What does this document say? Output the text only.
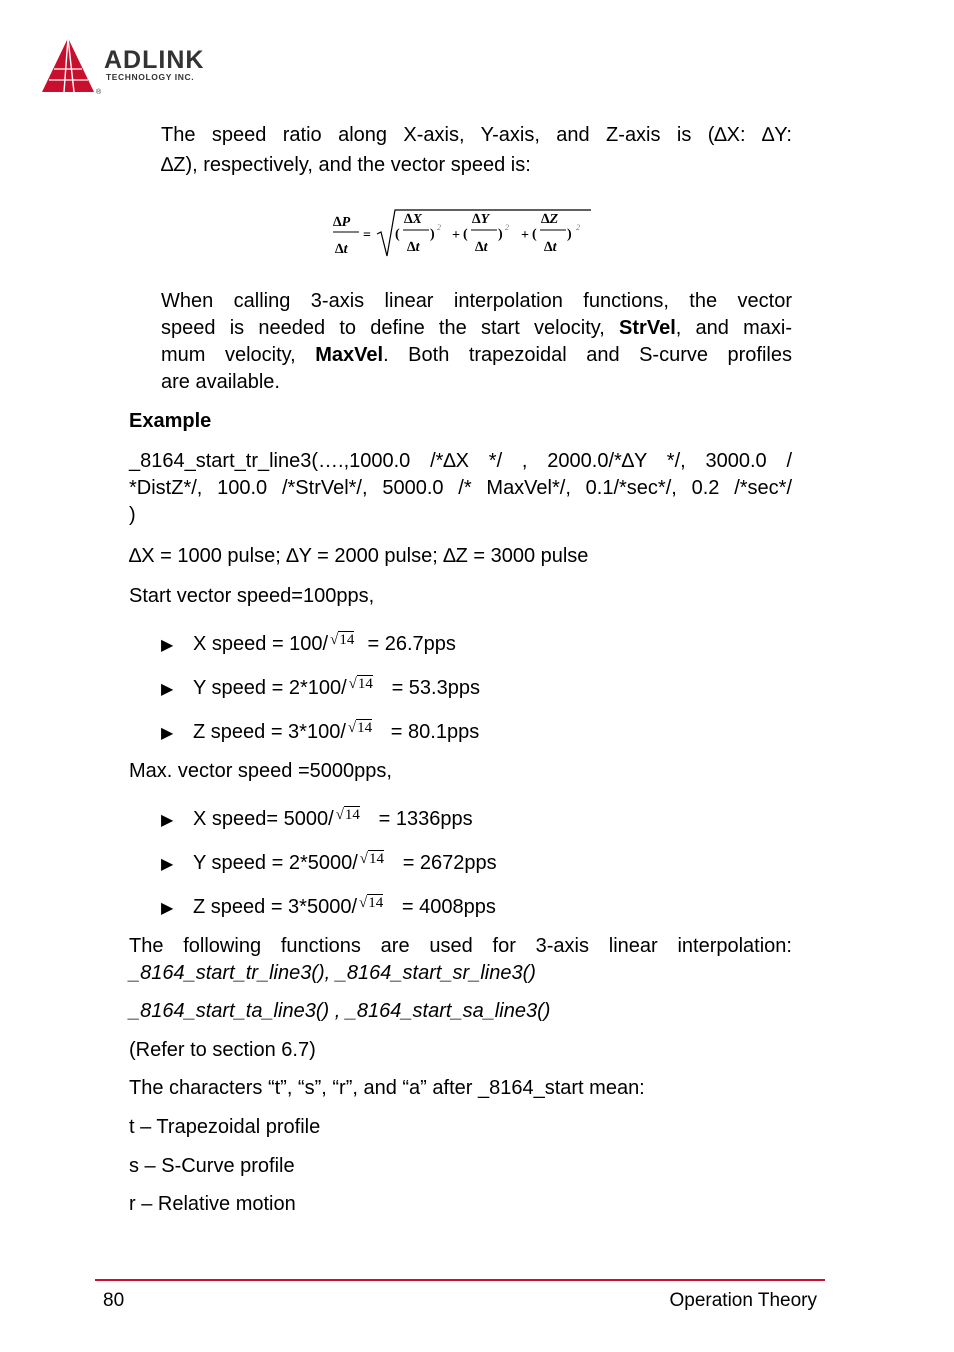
ADLINK
TECHNOLOGY INC.
®

The speed ratio along X-axis, Y-axis, and Z-axis is (∆X: ∆Y:

∆Z), respectively, and the vector speed is:

∆P
∆t
= (
∆X
∆t
) 2
+ (
∆Y
∆t
) 2
+ (
∆Z
∆t
) 2

When calling 3-axis linear interpolation functions, the vector

speed is needed to define the start velocity, StrVel, and maxi-

mum velocity, MaxVel. Both trapezoidal and S-curve profiles

are available.

Example

_8164_start_tr_line3(….,1000.0 /*∆X */ , 2000.0/*∆Y */, 3000.0 /

*DistZ*/, 100.0 /*StrVel*/, 5000.0 /* MaxVel*/, 0.1/*sec*/, 0.2 /*sec*/

)

∆X = 1000 pulse; ∆Y = 2000 pulse; ∆Z = 3000 pulse
Start vector speed=100pps,
▶ X speed = 100/ $^{√14}$ = 26.7pps
▶ Y speed = 2*100/ $^{√14}$ = 53.3pps
▶ Z speed = 3*100/ $^{√14}$ = 80.1pps
Max. vector speed =5000pps,
▶ X speed= 5000/ $^{√14}$ = 1336pps
▶ Y speed = 2*5000/ $^{√14}$ = 2672pps
▶ Z speed = 3*5000/ $^{√14}$ = 4008pps

The following functions are used for 3-axis linear interpolation:

_8164_start_tr_line3(), _8164_start_sr_line3()

_8164_start_ta_line3() , _8164_start_sa_line3()
(Refer to section 6.7)
The characters “t”, “s”, “r”, and “a” after _8164_start mean:
t – Trapezoidal profile
s – S-Curve profile
r – Relative motion
80	Operation Theory
